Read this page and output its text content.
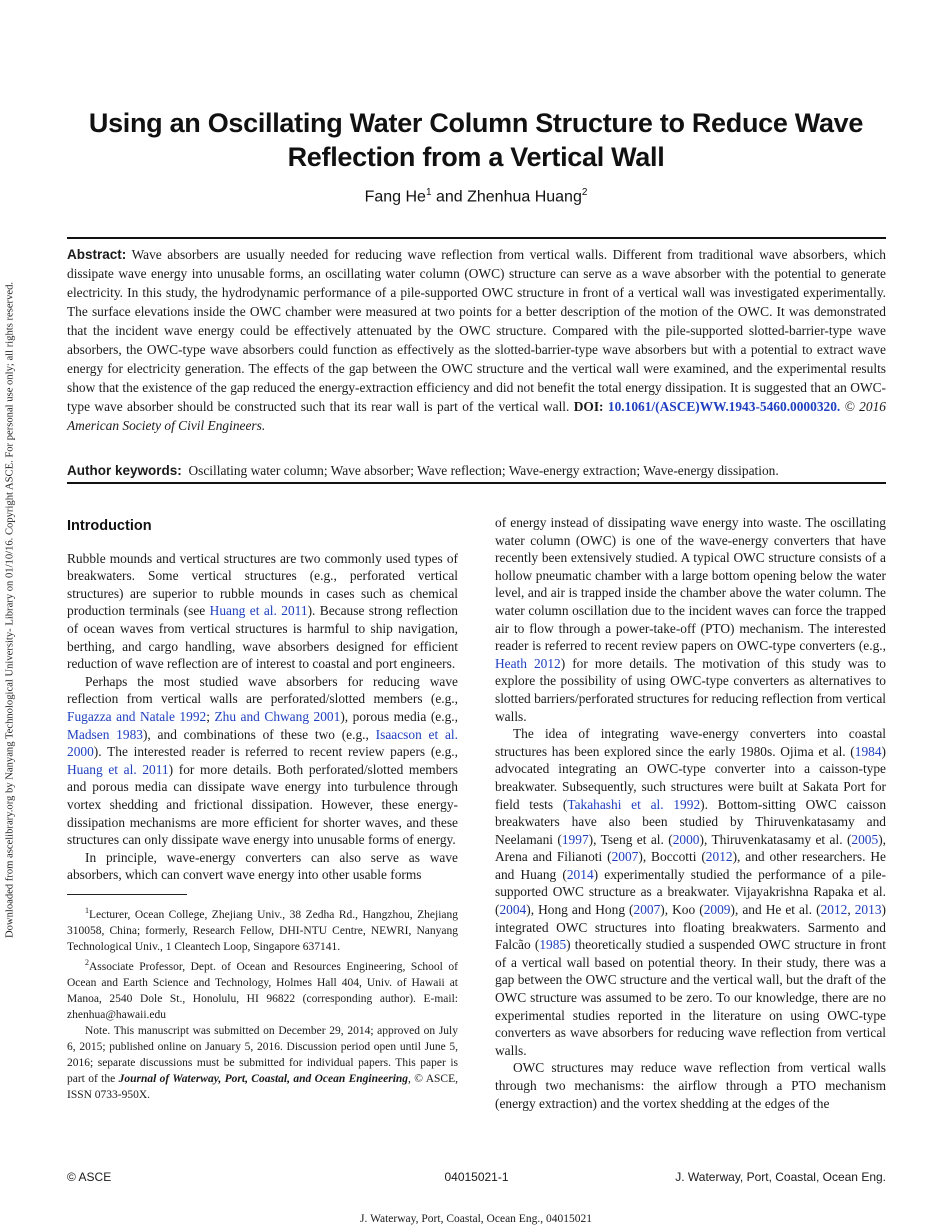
Downloaded from ascelibrary.org by Nanyang Technological University- Library on 01/10/16. Copyright ASCE. For personal use only; all rights reserved.
Using an Oscillating Water Column Structure to Reduce Wave Reflection from a Vertical Wall
Fang He$^1$ and Zhenhua Huang$^2$
Abstract: Wave absorbers are usually needed for reducing wave reflection from vertical walls. Different from traditional wave absorbers, which dissipate wave energy into unusable forms, an oscillating water column (OWC) structure can serve as a wave absorber with the potential to generate electricity. In this study, the hydrodynamic performance of a pile-supported OWC structure in front of a vertical wall was investigated experimentally. The surface elevations inside the OWC chamber were measured at two points for a better description of the motion of the OWC. It was demonstrated that the incident wave energy could be effectively attenuated by the OWC structure. Compared with the pile-supported slotted-barrier-type wave absorbers, the OWC-type wave absorbers could function as effectively as the slotted-barrier-type wave absorbers but with a potential to extract wave energy for electricity generation. The effects of the gap between the OWC structure and the vertical wall were examined, and the experimental results show that the existence of the gap reduced the energy-extraction efficiency and did not benefit the total energy dissipation. It is suggested that an OWC-type wave absorber should be constructed such that its rear wall is part of the vertical wall. DOI: 10.1061/(ASCE)WW.1943-5460.0000320. © 2016 American Society of Civil Engineers.
Author keywords: Oscillating water column; Wave absorber; Wave reflection; Wave-energy extraction; Wave-energy dissipation.
Introduction

Rubble mounds and vertical structures are two commonly used types of breakwaters. Some vertical structures (e.g., perforated vertical structures) are superior to rubble mounds in cases such as chemical production terminals (see Huang et al. 2011). Because strong reflection of ocean waves from vertical structures is harmful to ship navigation, berthing, and cargo handling, wave absorbers designed for efficient reduction of wave reflection are of interest to coastal and port engineers.

Perhaps the most studied wave absorbers for reducing wave reflection from vertical walls are perforated/slotted members (e.g., Fugazza and Natale 1992; Zhu and Chwang 2001), porous media (e.g., Madsen 1983), and combinations of these two (e.g., Isaacson et al. 2000). The interested reader is referred to recent review papers (e.g., Huang et al. 2011) for more details. Both perforated/slotted members and porous media can dissipate wave energy into turbulence through vortex shedding and frictional dissipation. However, these energy-dissipation mechanisms are more efficient for shorter waves, and these structures can only dissipate wave energy into unusable forms of energy.

In principle, wave-energy converters can also serve as wave absorbers, which can convert wave energy into other usable forms

$^1$Lecturer, Ocean College, Zhejiang Univ., 38 Zedha Rd., Hangzhou, Zhejiang 310058, China; formerly, Research Fellow, DHI-NTU Centre, NEWRI, Nanyang Technological Univ., 1 Cleantech Loop, Singapore 637141.

$^2$Associate Professor, Dept. of Ocean and Resources Engineering, School of Ocean and Earth Science and Technology, Holmes Hall 404, Univ. of Hawaii at Manoa, 2540 Dole St., Honolulu, HI 96822 (corresponding author). E-mail: zhenhua@hawaii.edu

Note. This manuscript was submitted on December 29, 2014; approved on July 6, 2015; published online on January 5, 2016. Discussion period open until June 5, 2016; separate discussions must be submitted for individual papers. This paper is part of the Journal of Waterway, Port, Coastal, and Ocean Engineering, © ASCE, ISSN 0733-950X.

of energy instead of dissipating wave energy into waste. The oscillating water column (OWC) is one of the wave-energy converters that have recently been extensively studied. A typical OWC structure consists of a hollow pneumatic chamber with a large bottom opening below the water level, and air is trapped inside the chamber above the water column. The water column oscillation due to the incident waves can force the trapped air to flow through a power-take-off (PTO) mechanism. The interested reader is referred to recent review papers on OWC-type converters (e.g., Heath 2012) for more details. The motivation of this study was to explore the possibility of using OWC-type converters as alternatives to slotted barriers/perforated structures for reducing reflection from vertical walls.

The idea of integrating wave-energy converters into coastal structures has been explored since the early 1980s. Ojima et al. (1984) advocated integrating an OWC-type converter into a caisson-type breakwater. Subsequently, such structures were built at Sakata Port for field tests (Takahashi et al. 1992). Bottom-sitting OWC caisson breakwaters have also been studied by Thiruvenkatasamy and Neelamani (1997), Tseng et al. (2000), Thiruvenkatasamy et al. (2005), Arena and Filianoti (2007), Boccotti (2012), and other researchers. He and Huang (2014) experimentally studied the performance of a pile-supported OWC structure as a breakwater. Vijayakrishna Rapaka et al. (2004), Hong and Hong (2007), Koo (2009), and He et al. (2012, 2013) integrated OWC structures into floating breakwaters. Sarmento and Falcão (1985) theoretically studied a suspended OWC structure in front of a vertical wall based on potential theory. In their study, there was a gap between the OWC structure and the vertical wall, but the draft of the OWC structure was assumed to be zero. To our knowledge, there are no experimental studies reported in the literature on using OWC-type converters as wave absorbers for reducing wave reflection from vertical walls.

OWC structures may reduce wave reflection from vertical walls through two mechanisms: the airflow through a PTO mechanism (energy extraction) and the vortex shedding at the edges of the

© ASCE	04015021-1	J. Waterway, Port, Coastal, Ocean Eng.
J. Waterway, Port, Coastal, Ocean Eng., 04015021
